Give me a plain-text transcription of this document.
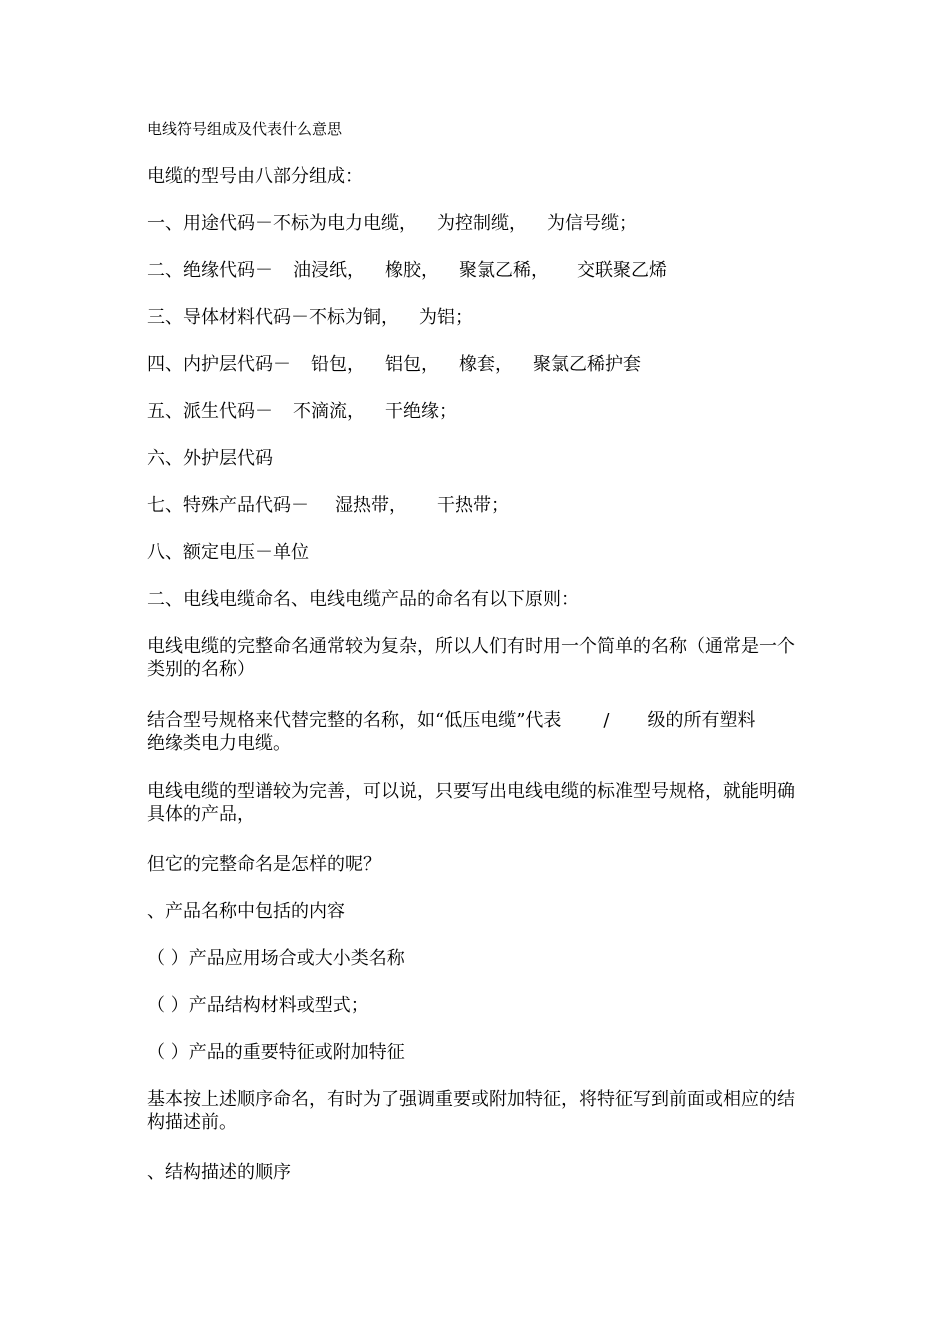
电线符号组成及代表什么意思
电缆的型号由八部分组成：
一、用途代码－不标为电力电缆， 为控制缆， 为信号缆；
二、绝缘代码－ 油浸纸， 橡胶， 聚氯乙稀， 交联聚乙烯
三、导体材料代码－不标为铜， 为铝；
四、内护层代码－ 铅包， 铝包， 橡套， 聚氯乙稀护套
五、派生代码－ 不滴流， 干绝缘；
六、外护层代码
七、特殊产品代码－ 湿热带， 干热带；
八、额定电压－单位
二、电线电缆命名、电线电缆产品的命名有以下原则：
电线电缆的完整命名通常较为复杂，所以人们有时用一个简单的名称（通常是一个类别的名称）
结合型号规格来代替完整的名称，如“低压电缆”代表 / 级的所有塑料
绝缘类电力电缆。
电线电缆的型谱较为完善，可以说，只要写出电线电缆的标准型号规格，就能明确具体的产品，
但它的完整命名是怎样的呢？
、产品名称中包括的内容
（ ）产品应用场合或大小类名称
（ ）产品结构材料或型式；
（ ）产品的重要特征或附加特征
基本按上述顺序命名，有时为了强调重要或附加特征，将特征写到前面或相应的结构描述前。
、结构描述的顺序
